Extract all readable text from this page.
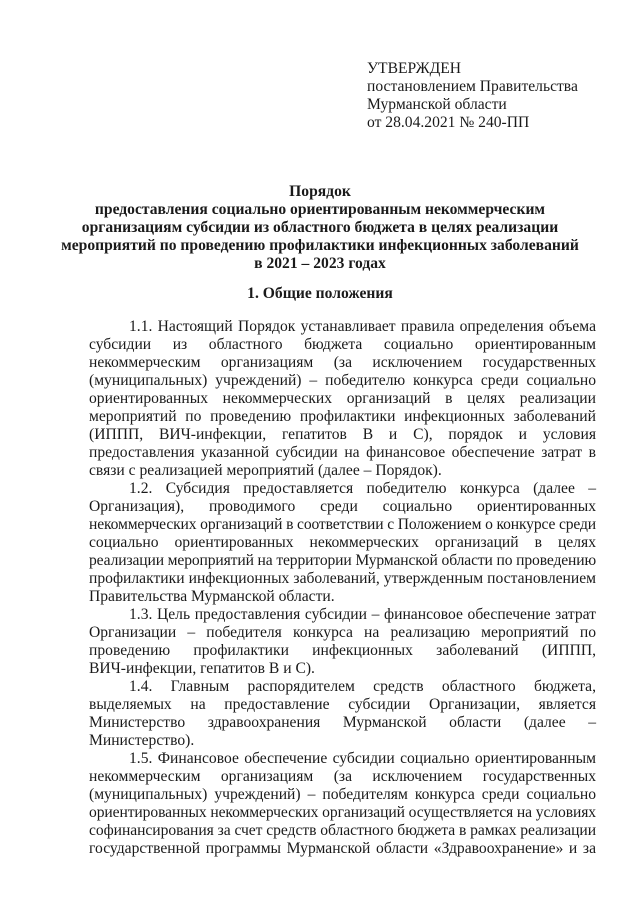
УТВЕРЖДЕН
постановлением Правительства
Мурманской области
от 28.04.2021 № 240-ПП
Порядок
предоставления социально ориентированным некоммерческим
организациям субсидии из областного бюджета в целях реализации
мероприятий по проведению профилактики инфекционных заболеваний
в 2021 – 2023 годах
1. Общие положения
1.1. Настоящий Порядок устанавливает правила определения объема
субсидии из областного бюджета социально ориентированным
некоммерческим организациям (за исключением государственных
(муниципальных) учреждений) – победителю конкурса среди социально
ориентированных некоммерческих организаций в целях реализации
мероприятий по проведению профилактики инфекционных заболеваний
(ИППП, ВИЧ-инфекции, гепатитов В и С), порядок и условия
предоставления указанной субсидии на финансовое обеспечение затрат в
связи с реализацией мероприятий (далее – Порядок).
1.2. Субсидия предоставляется победителю конкурса (далее –
Организация), проводимого среди социально ориентированных
некоммерческих организаций в соответствии с Положением о конкурсе среди
социально ориентированных некоммерческих организаций в целях
реализации мероприятий на территории Мурманской области по проведению
профилактики инфекционных заболеваний, утвержденным постановлением
Правительства Мурманской области.
1.3. Цель предоставления субсидии – финансовое обеспечение затрат
Организации – победителя конкурса на реализацию мероприятий по
проведению профилактики инфекционных заболеваний (ИППП,
ВИЧ-инфекции, гепатитов В и С).
1.4. Главным распорядителем средств областного бюджета,
выделяемых на предоставление субсидии Организации, является
Министерство здравоохранения Мурманской области (далее –
Министерство).
1.5. Финансовое обеспечение субсидии социально ориентированным
некоммерческим организациям (за исключением государственных
(муниципальных) учреждений) – победителям конкурса среди социально
ориентированных некоммерческих организаций осуществляется на условиях
софинансирования за счет средств областного бюджета в рамках реализации
государственной программы Мурманской области «Здравоохранение» и за
